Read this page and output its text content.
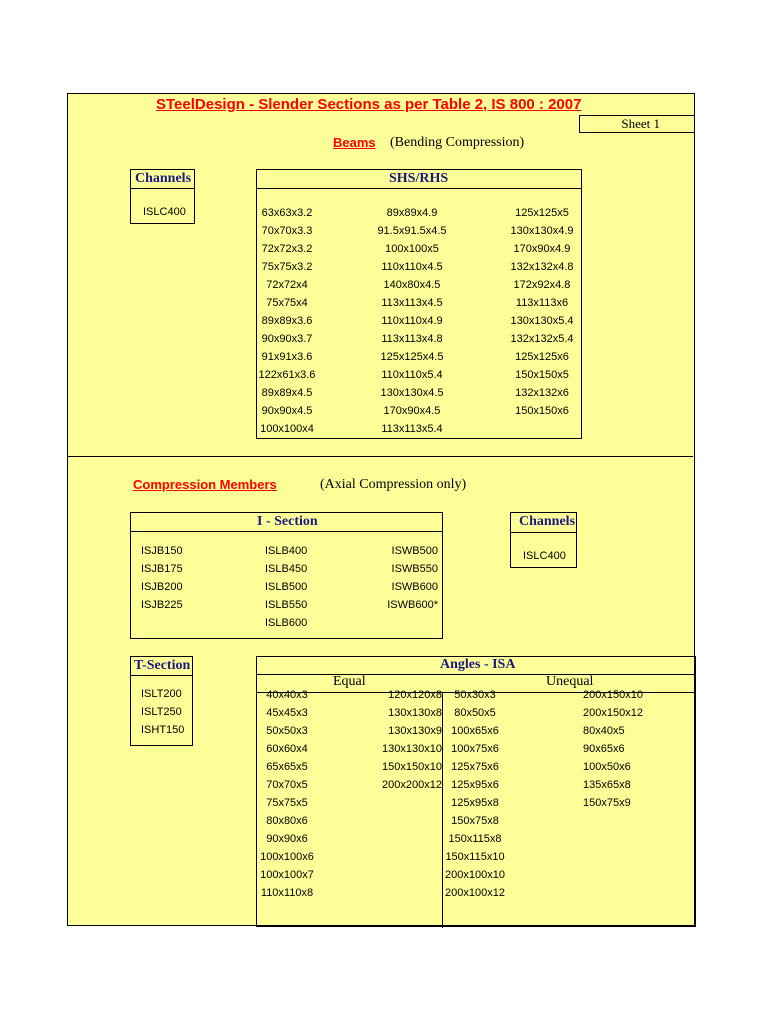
STeelDesign - Slender Sections as per Table 2, IS 800 : 2007
Sheet 1
Beams (Bending Compression)
Channels
ISLC400
SHS/RHS
63x63x3.2
70x70x3.3
72x72x3.2
75x75x3.2
72x72x4
75x75x4
89x89x3.6
90x90x3.7
91x91x3.6
122x61x3.6
89x89x4.5
90x90x4.5
100x100x4
89x89x4.9
91.5x91.5x4.5
100x100x5
110x110x4.5
140x80x4.5
113x113x4.5
110x110x4.9
113x113x4.8
125x125x4.5
110x110x5.4
130x130x4.5
170x90x4.5
113x113x5.4
125x125x5
130x130x4.9
170x90x4.9
132x132x4.8
172x92x4.8
113x113x6
130x130x5.4
132x132x5.4
125x125x6
150x150x5
132x132x6
150x150x6
Compression Members	(Axial Compression only)
I - Section
ISJB150
ISJB175
ISJB200
ISJB225
ISLB400
ISLB450
ISLB500
ISLB550
ISLB600
ISWB500
ISWB550
ISWB600
ISWB600*
Channels
ISLC400
T-Section
ISLT200
ISLT250
ISHT150
Angles - ISA
Equal	Unequal
40x40x3
45x45x3
50x50x3
60x60x4
65x65x5
70x70x5
75x75x5
80x80x6
90x90x6
100x100x6
100x100x7
110x110x8
120x120x8
130x130x8
130x130x9
130x130x10
150x150x10
200x200x12
50x30x3
80x50x5
100x65x6
100x75x6
125x75x6
125x95x6
125x95x8
150x75x8
150x115x8
150x115x10
200x100x10
200x100x12
200x150x10
200x150x12
80x40x5
90x65x6
100x50x6
135x65x8
150x75x9
